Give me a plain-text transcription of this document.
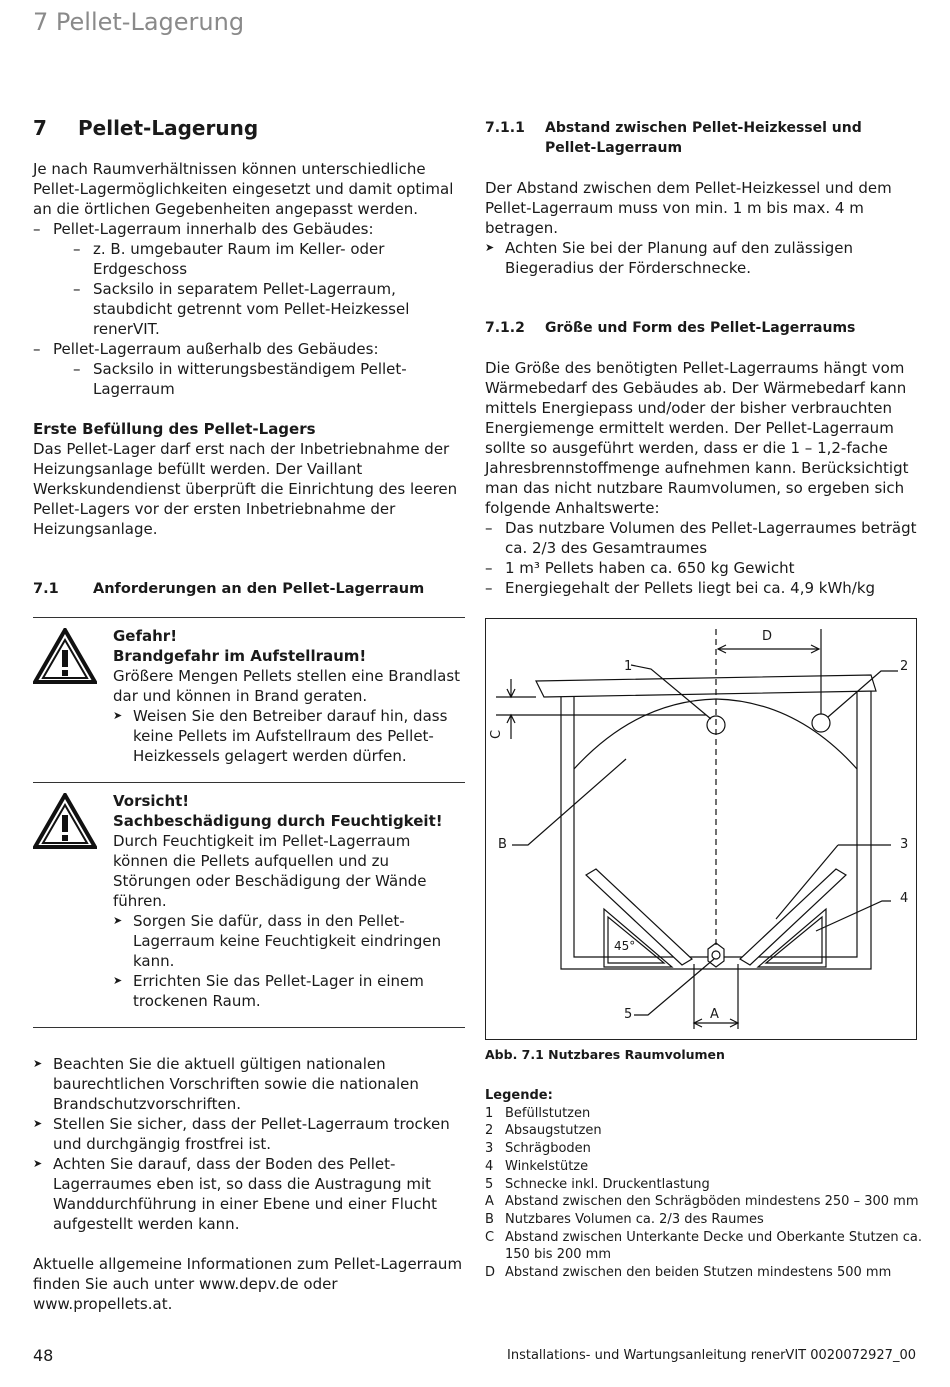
7 Pellet-Lagerung
7 Pellet-Lagerung

Je nach Raumverhältnissen können unterschiedliche Pellet-Lagermöglichkeiten eingesetzt und damit optimal an die örtlichen Gegebenheiten angepasst werden.

– Pellet-Lagerraum innerhalb des Gebäudes:
– z. B. umgebauter Raum im Keller- oder Erdgeschoss
– Sacksilo in separatem Pellet-Lagerraum, staubdicht getrennt vom Pellet-Heizkessel renerVIT.
– Pellet-Lagerraum außerhalb des Gebäudes:
– Sacksilo in witterungsbeständigem Pellet-Lagerraum

Erste Befüllung des Pellet-Lagers

Das Pellet-Lager darf erst nach der Inbetriebnahme der Heizungsanlage befüllt werden. Der Vaillant Werkskundendienst überprüft die Einrichtung des leeren Pellet-Lagers vor der ersten Inbetriebnahme der Heizungsanlage.

7.1 Anforderungen an den Pellet-Lagerraum

Gefahr!

Brandgefahr im Aufstellraum!

Größere Mengen Pellets stellen eine Brandlast dar und können in Brand geraten.

➤ Weisen Sie den Betreiber darauf hin, dass keine Pellets im Aufstellraum des Pellet-Heizkessels gelagert werden dürfen.

Vorsicht!

Sachbeschädigung durch Feuchtigkeit!

Durch Feuchtigkeit im Pellet-Lagerraum können die Pellets aufquellen und zu Störungen oder Beschädigung der Wände führen.

➤ Sorgen Sie dafür, dass in den Pellet-Lagerraum keine Feuchtigkeit eindringen kann.
➤ Errichten Sie das Pellet-Lager in einem trockenen Raum.
➤ Beachten Sie die aktuell gültigen nationalen baurechtlichen Vorschriften sowie die nationalen Brandschutzvorschriften.
➤ Stellen Sie sicher, dass der Pellet-Lagerraum trocken und durchgängig frostfrei ist.
➤ Achten Sie darauf, dass der Boden des Pellet-Lagerraumes eben ist, so dass die Austragung mit Wanddurchführung in einer Ebene und einer Flucht aufgestellt werden kann.

Aktuelle allgemeine Informationen zum Pellet-Lagerraum finden Sie auch unter www.depv.de oder www.propellets.at.

7.1.1	Abstand zwischen Pellet-Heizkessel und Pellet-Lagerraum

Der Abstand zwischen dem Pellet-Heizkessel und dem Pellet-Lagerraum muss von min. 1 m bis max. 4 m betragen.

➤ Achten Sie bei der Planung auf den zulässigen Biegeradius der Förderschnecke.
7.1.2	Größe und Form des Pellet-Lagerraums

Die Größe des benötigten Pellet-Lagerraums hängt vom Wärmebedarf des Gebäudes ab. Der Wärmebedarf kann mittels Energiepass und/oder der bisher verbrauchten Energiemenge ermittelt werden. Der Pellet-Lagerraum sollte so ausgeführt werden, dass er die 1 – 1,2-fache Jahresbrennstoffmenge aufnehmen kann. Berücksichtigt man das nicht nutzbare Raumvolumen, so ergeben sich folgende Anhaltswerte:

– Das nutzbare Volumen des Pellet-Lagerraumes beträgt ca. 2/3 des Gesamtraumes
– 1 m³ Pellets haben ca. 650 kg Gewicht
– Energiegehalt der Pellets liegt bei ca. 4,9 kWh/kg
D
1	2
C
B	3
4
45°
5	A
Abb. 7.1 Nutzbares Raumvolumen
Legende:
1 Befüllstutzen
2 Absaugstutzen
3 Schrägboden
4 Winkelstütze
5 Schnecke inkl. Druckentlastung
A Abstand zwischen den Schrägböden mindestens 250 – 300 mm
B Nutzbares Volumen ca. 2/3 des Raumes
C Abstand zwischen Unterkante Decke und Oberkante Stutzen ca. 150 bis 200 mm
D Abstand zwischen den beiden Stutzen mindestens 500 mm
48	Installations- und Wartungsanleitung renerVIT 0020072927_00
